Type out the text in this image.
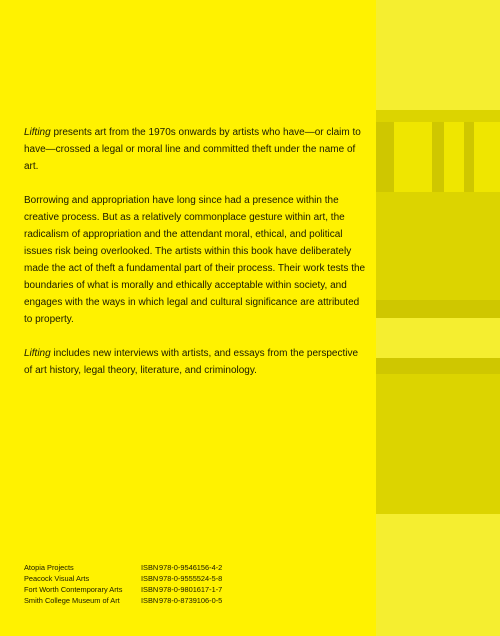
Lifting presents art from the 1970s onwards by artists who have—or claim to have—crossed a legal or moral line and committed theft under the name of art.

Borrowing and appropriation have long since had a presence within the creative process. But as a relatively commonplace gesture within art, the radicalism of appropriation and the attendant moral, ethical, and political issues risk being overlooked. The artists within this book have deliberately made the act of theft a fundamental part of their process. Their work tests the boundaries of what is morally and ethically acceptable within society, and engages with the ways in which legal and cultural significance are attributed to property.

Lifting includes new interviews with artists, and essays from the perspective of art history, legal theory, literature, and criminology.

Atopia Projects	ISBN 978-0-9546156-4-2
Peacock Visual Arts	ISBN 978-0-9555524-5-8
Fort Worth Contemporary Arts	ISBN 978-0-9801617-1-7
Smith College Museum of Art	ISBN 978-0-8739106-0-5
